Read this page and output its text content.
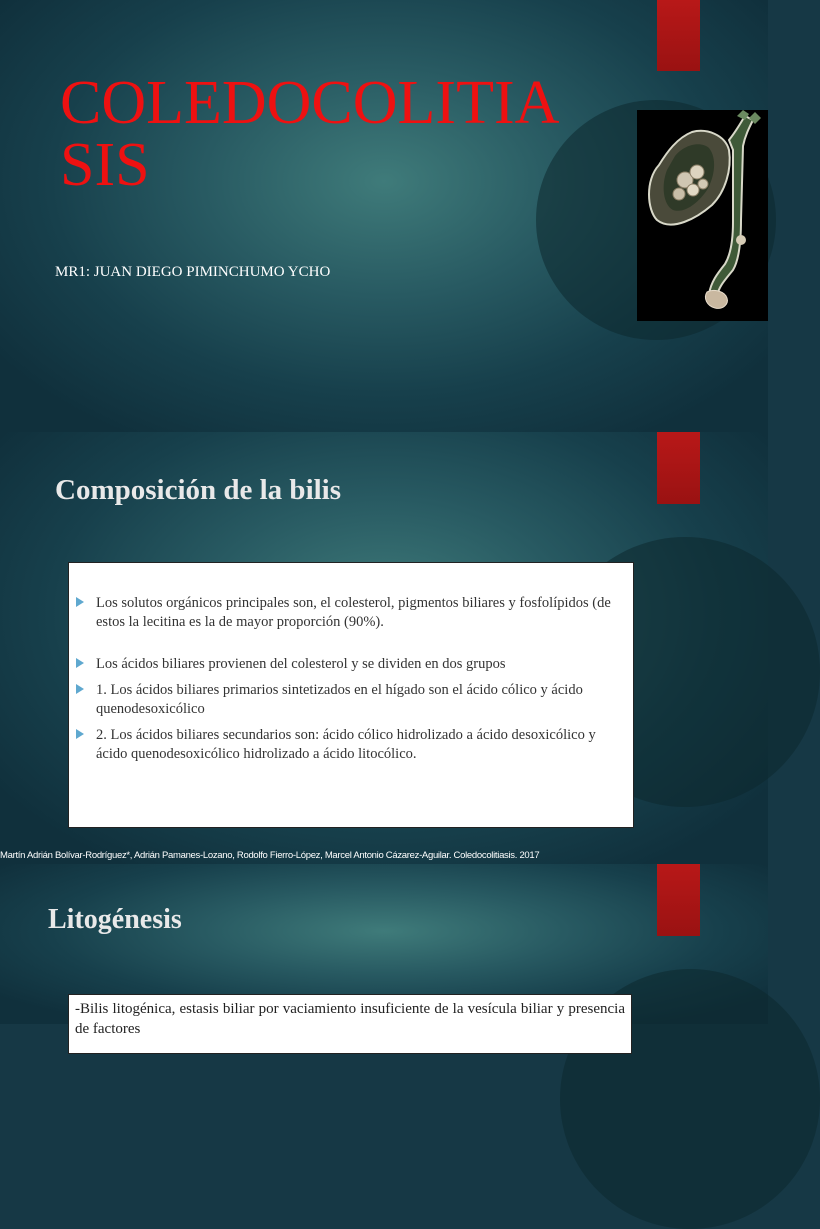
COLEDOCOLITIASIS
MR1: JUAN DIEGO PIMINCHUMO YCHO
Composición de la bilis
Los solutos orgánicos principales son, el colesterol, pigmentos biliares y fosfolípidos (de estos la lecitina es la de mayor proporción (90%).
Los ácidos biliares provienen del colesterol y se dividen en dos grupos
1. Los ácidos biliares primarios sintetizados en el hígado son el ácido cólico y ácido quenodesoxicólico
2. Los ácidos biliares secundarios son: ácido cólico hidrolizado a ácido desoxicólico y ácido quenodesoxicólico hidrolizado a ácido litocólico.
Martín Adrián Bolívar-Rodríguez*, Adrián Pamanes-Lozano, Rodolfo Fierro-López, Marcel Antonio Cázarez-Aguilar. Coledocolitiasis. 2017
Litogénesis

-Bilis litogénica, estasis biliar por vaciamiento insuficiente de la vesícula biliar y presencia de factores
